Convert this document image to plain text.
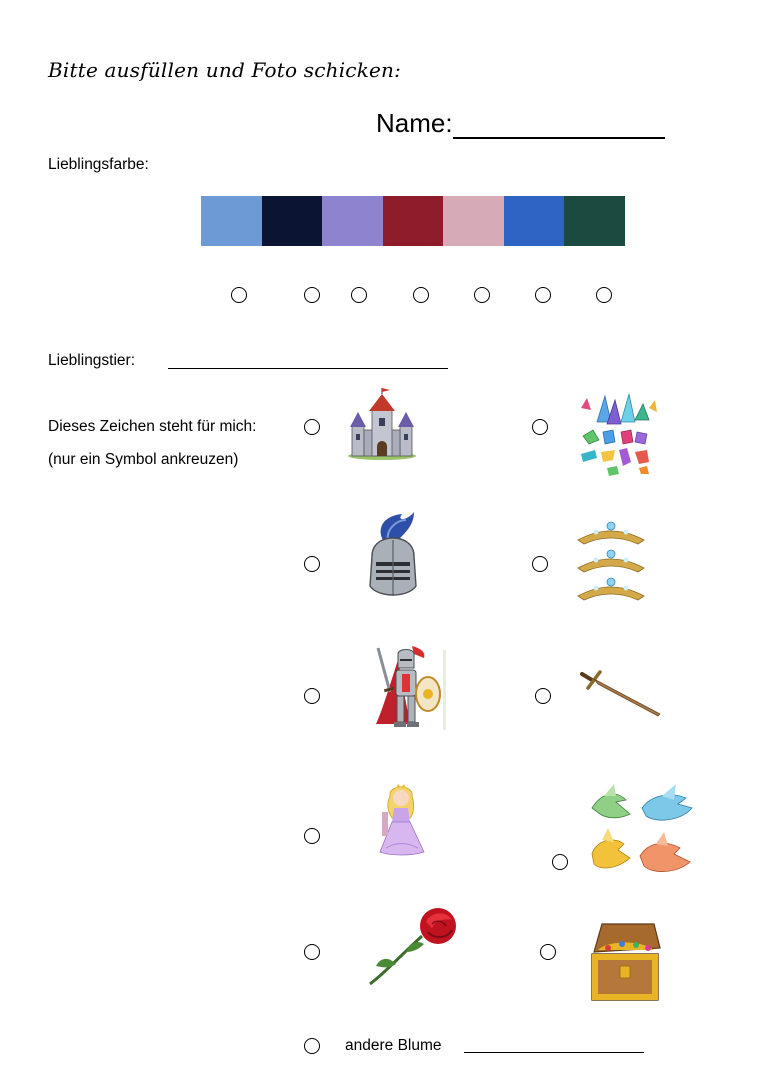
Bitte ausfüllen und Foto schicken:
Name:
Lieblingsfarbe:
Lieblingstier:
Dieses Zeichen steht für mich:
(nur ein Symbol ankreuzen)
andere Blume
